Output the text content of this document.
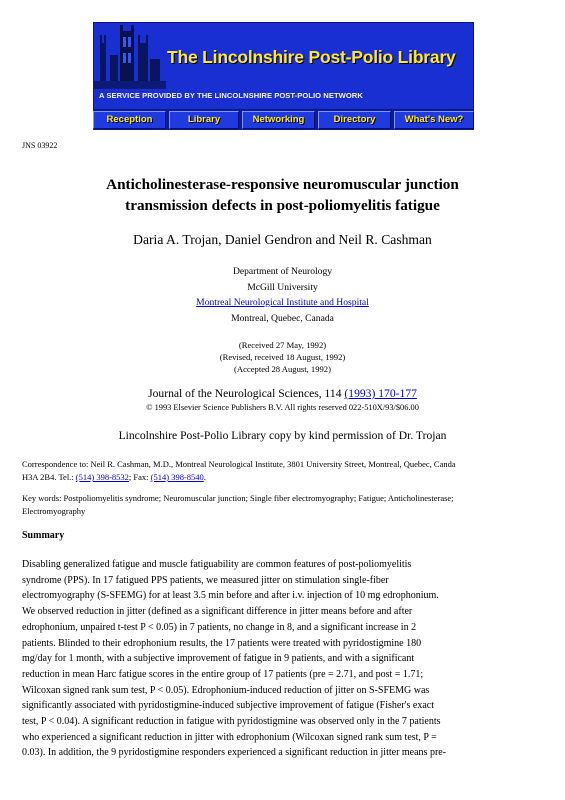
The Lincolnshire Post-Polio Library
A SERVICE PROVIDED BY THE LINCOLNSHIRE POST-POLIO NETWORK
Reception	Library	Networking	Directory	What's New?
JNS 03922
Anticholinesterase-responsive neuromuscular junction
transmission defects in post-poliomyelitis fatigue
Daria A. Trojan, Daniel Gendron and Neil R. Cashman
Department of Neurology
McGill University
Montreal Neurological Institute and Hospital
Montreal, Quebec, Canada
(Received 27 May, 1992)
(Revised, received 18 August, 1992)
(Accepted 28 August, 1992)
Journal of the Neurological Sciences, 114 (1993) 170-177
© 1993 Elsevier Science Publishers B.V. All rights reserved 022-510X/93/$06.00
Lincolnshire Post-Polio Library copy by kind permission of Dr. Trojan
Correspondence to: Neil R. Cashman, M.D., Montreal Neurological Institute, 3801 University Street, Montreal, Quebec, Canda
H3A 2B4. Tel.: (514) 398-8532; Fax: (514) 398-8540.
Key words: Postpoliomyelitis syndrome; Neuromuscular junction; Single fiber electromyography; Fatigue; Anticholinesterase;
Electromyography
Summary
Disabling generalized fatigue and muscle fatiguability are common features of post-poliomyelitis
syndrome (PPS). In 17 fatigued PPS patients, we measured jitter on stimulation single-fiber
electromyography (S-SFEMG) for at least 3.5 min before and after i.v. injection of 10 mg edrophonium.
We observed reduction in jitter (defined as a significant difference in jitter means before and after
edrophonium, unpaired t-test P < 0.05) in 7 patients, no change in 8, and a significant increase in 2
patients. Blinded to their edrophonium results, the 17 patients were treated with pyridostigmine 180
mg/day for 1 month, with a subjective improvement of fatigue in 9 patients, and with a significant
reduction in mean Harc fatigue scores in the entire group of 17 patients (pre = 2.71, and post = 1.71;
Wilcoxan signed rank sum test, P < 0.05). Edrophonium-induced reduction of jitter on S-SFEMG was
significantly associated with pyridostigmine-induced subjective improvement of fatigue (Fisher's exact
test, P < 0.04). A significant reduction in fatigue with pyridostigmine was observed only in the 7 patients
who experienced a significant reduction in jitter with edrophonium (Wilcoxan signed rank sum test, P =
0.03). In addition, the 9 pyridostigmine responders experienced a significant reduction in jitter means pre-
